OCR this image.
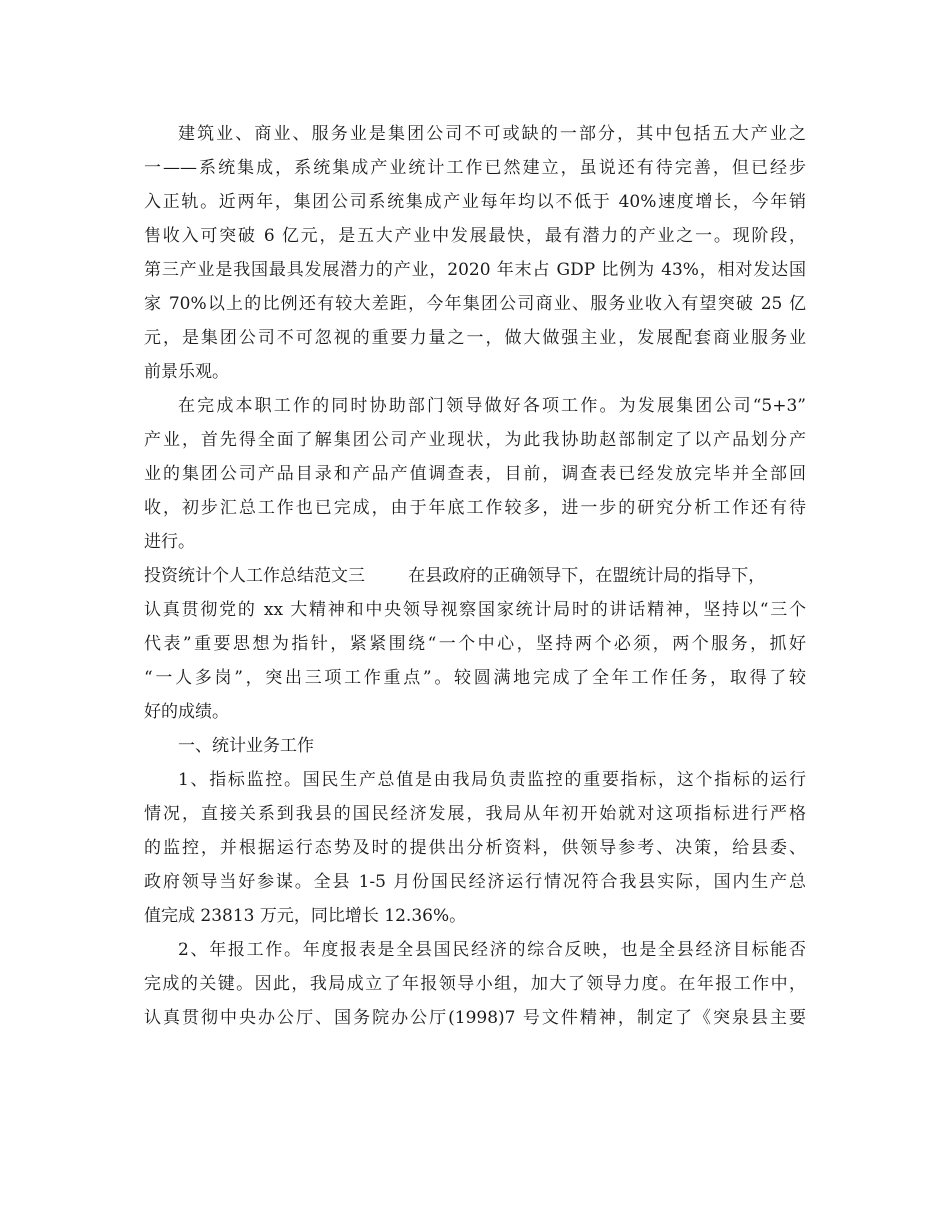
建筑业、商业、服务业是集团公司不可或缺的一部分，其中包括五大产业之
一——系统集成，系统集成产业统计工作已然建立，虽说还有待完善，但已经步
入正轨。近两年，集团公司系统集成产业每年均以不低于 40%速度增长，今年销
售收入可突破 6 亿元，是五大产业中发展最快，最有潜力的产业之一。现阶段，
第三产业是我国最具发展潜力的产业，2020 年末占 GDP 比例为 43%，相对发达国
家 70%以上的比例还有较大差距，今年集团公司商业、服务业收入有望突破 25 亿
元，是集团公司不可忽视的重要力量之一，做大做强主业，发展配套商业服务业
前景乐观。
在完成本职工作的同时协助部门领导做好各项工作。为发展集团公司“5+3”
产业，首先得全面了解集团公司产业现状，为此我协助赵部制定了以产品划分产
业的集团公司产品目录和产品产值调查表，目前，调查表已经发放完毕并全部回
收，初步汇总工作也已完成，由于年底工作较多，进一步的研究分析工作还有待
进行。
投资统计个人工作总结范文三        在县政府的正确领导下，在盟统计局的指导下，
认真贯彻党的 xx 大精神和中央领导视察国家统计局时的讲话精神，坚持以“三个
代表”重要思想为指针，紧紧围绕“一个中心，坚持两个必须，两个服务，抓好
“一人多岗”，突出三项工作重点”。较圆满地完成了全年工作任务，取得了较
好的成绩。
一、统计业务工作
1、指标监控。国民生产总值是由我局负责监控的重要指标，这个指标的运行
情况，直接关系到我县的国民经济发展，我局从年初开始就对这项指标进行严格
的监控，并根据运行态势及时的提供出分析资料，供领导参考、决策，给县委、
政府领导当好参谋。全县 1-5 月份国民经济运行情况符合我县实际，国内生产总
值完成 23813 万元，同比增长 12.36%。
2、年报工作。年度报表是全县国民经济的综合反映，也是全县经济目标能否
完成的关键。因此，我局成立了年报领导小组，加大了领导力度。在年报工作中，
认真贯彻中央办公厅、国务院办公厅(1998)7 号文件精神，制定了《突泉县主要
